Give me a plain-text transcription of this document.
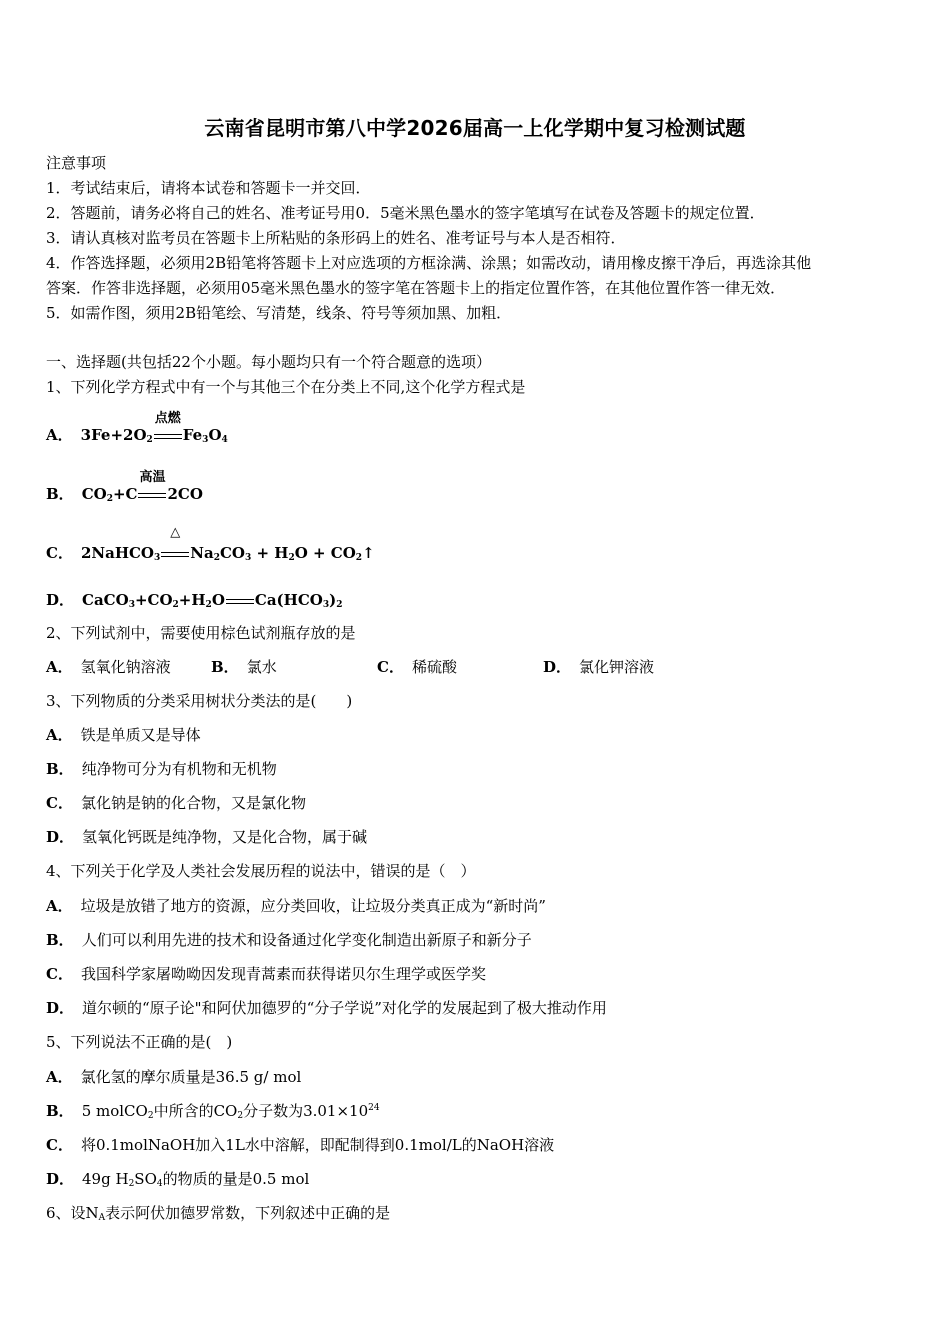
云南省昆明市第八中学2026届高一上化学期中复习检测试题
注意事项
1．考试结束后，请将本试卷和答题卡一并交回．
2．答题前，请务必将自己的姓名、准考证号用0．5毫米黑色墨水的签字笔填写在试卷及答题卡的规定位置．
3．请认真核对监考员在答题卡上所粘贴的条形码上的姓名、准考证号与本人是否相符．
4．作答选择题，必须用2B铅笔将答题卡上对应选项的方框涂满、涂黑；如需改动，请用橡皮擦干净后，再选涂其他
答案．作答非选择题，必须用05毫米黑色墨水的签字笔在答题卡上的指定位置作答，在其他位置作答一律无效．
5．如需作图，须用2B铅笔绘、写清楚，线条、符号等须加黑、加粗．
一、选择题(共包括22个小题。每小题均只有一个符合题意的选项）
1、下列化学方程式中有一个与其他三个在分类上不同,这个化学方程式是
A． $3Fe+2O_2$
点燃
$Fe_3O_4$
B． $CO_2+C$
高温
2CO
C． 2NaHCO$_3$
△
$Na_2CO_3 + H_2O$ + $CO_2↑$
D． $CaCO_3+CO_2+H_2O$ $Ca(HCO_3)_2$
2、下列试剂中，需要使用棕色试剂瓶存放的是
A． 氢氧化钠溶液	B． 氯水	C． 稀硫酸	D． 氯化钾溶液
3、下列物质的分类采用树状分类法的是(　　)
A． 铁是单质又是导体
B． 纯净物可分为有机物和无机物
C． 氯化钠是钠的化合物，又是氯化物
D． 氢氧化钙既是纯净物，又是化合物，属于碱
4、下列关于化学及人类社会发展历程的说法中，错误的是（　）
A． 垃圾是放错了地方的资源，应分类回收，让垃圾分类真正成为“新时尚”
B． 人们可以利用先进的技术和设备通过化学变化制造出新原子和新分子
C． 我国科学家屠呦呦因发现青蒿素而获得诺贝尔生理学或医学奖
D． 道尔顿的“原子论"和阿伏加德罗的“分子学说”对化学的发展起到了极大推动作用
5、下列说法不正确的是(　)
A． 氯化氢的摩尔质量是36.5 g/ mol
B． 5 molCO$_2$中所含的$CO_2$分子数为$3.01\times 10^{24}$
C． 将0.1molNaOH加入1L水中溶解，即配制得到0.1mol/L的NaOH溶液
D． 49g $H_2SO_4$的物质的量是0.5 mol
6、设$N_A$表示阿伏加德罗常数，下列叙述中正确的是
